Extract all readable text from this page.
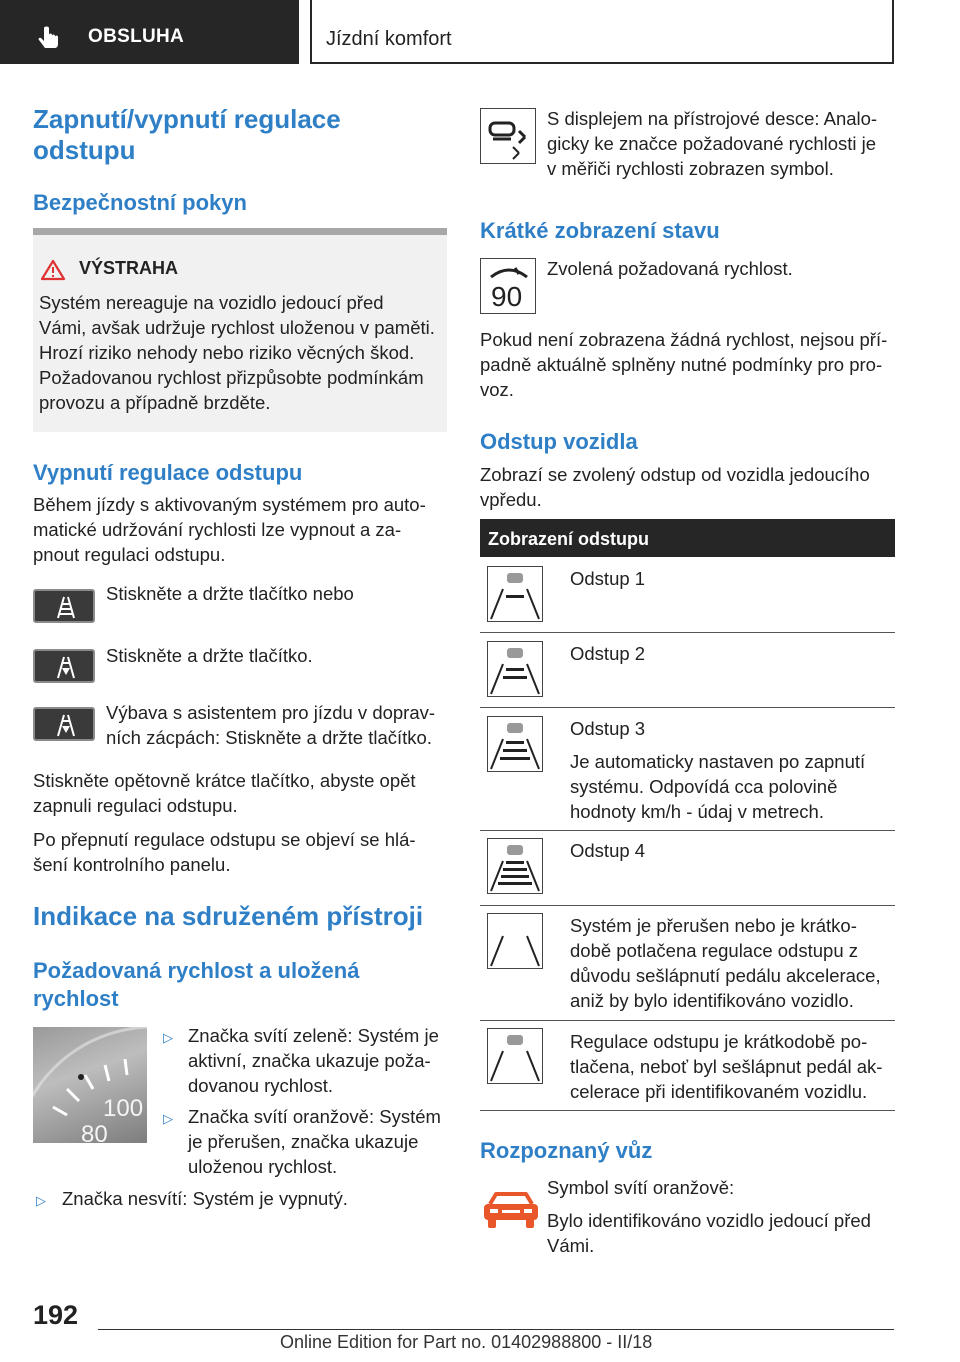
OBSLUHA	Jízdní komfort
Zapnutí/vypnutí regulace
odstupu
Bezpečnostní pokyn
VÝSTRAHA
Systém nereaguje na vozidlo jedoucí před
Vámi, avšak udržuje rychlost uloženou v paměti.
Hrozí riziko nehody nebo riziko věcných škod.
Požadovanou rychlost přizpůsobte podmínkám
provozu a případně brzděte.
Vypnutí regulace odstupu
Během jízdy s aktivovaným systémem pro auto-
matické udržování rychlosti lze vypnout a za-
pnout regulaci odstupu.
Stiskněte a držte tlačítko nebo
Stiskněte a držte tlačítko.
Výbava s asistentem pro jízdu v doprav-
ních zácpách: Stiskněte a držte tlačítko.
Stiskněte opětovně krátce tlačítko, abyste opět
zapnuli regulaci odstupu.
Po přepnutí regulace odstupu se objeví se hlá-
šení kontrolního panelu.
Indikace na sdruženém přístroji
Požadovaná rychlost a uložená
rychlost
100
80
▷ Značka svítí zeleně: Systém je
aktivní, značka ukazuje poža-
dovanou rychlost.
▷ Značka svítí oranžově: Systém
je přerušen, značka ukazuje
uloženou rychlost.
▷ Značka nesvítí: Systém je vypnutý.
S displejem na přístrojové desce: Analo-
gicky ke značce požadované rychlosti je
v měřiči rychlosti zobrazen symbol.
Krátké zobrazení stavu
90
Zvolená požadovaná rychlost.
Pokud není zobrazena žádná rychlost, nejsou pří-
padně aktuálně splněny nutné podmínky pro pro-
voz.
Odstup vozidla
Zobrazí se zvolený odstup od vozidla jedoucího
vpředu.
Zobrazení odstupu
Odstup 1
Odstup 2
Odstup 3
Je automaticky nastaven po zapnutí
systému. Odpovídá cca polovině
hodnoty km/h - údaj v metrech.
Odstup 4
Systém je přerušen nebo je krátko-
době potlačena regulace odstupu z
důvodu sešlápnutí pedálu akcelerace,
aniž by bylo identifikováno vozidlo.
Regulace odstupu je krátkodobě po-
tlačena, neboť byl sešlápnut pedál ak-
celerace při identifikovaném vozidlu.
Rozpoznaný vůz
Symbol svítí oranžově:
Bylo identifikováno vozidlo jedoucí před
Vámi.
192
Online Edition for Part no. 01402988800 - II/18
